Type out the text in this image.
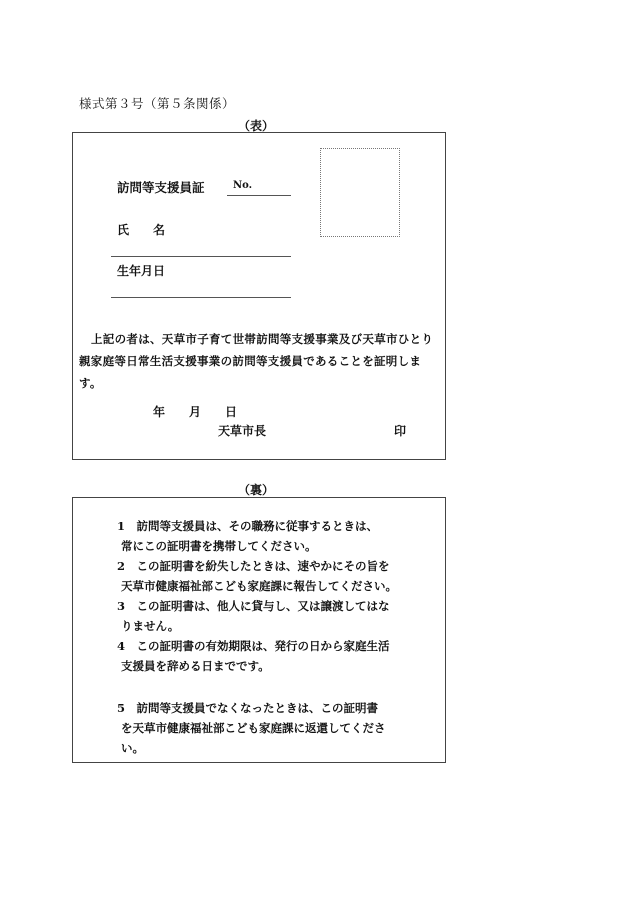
様式第３号（第５条関係）
（表）
訪問等支援員証	No.
氏　　名
生年月日
上記の者は、天草市子育て世帯訪問等支援事業及び天草市ひとり親家庭等日常生活支援事業の訪問等支援員であることを証明します。
年　　月　　日
天草市長	印
（裏）
1　 訪問等支援員は、その職務に従事するときは、
常にこの証明書を携帯してください。
2　 この証明書を紛失したときは、速やかにその旨を
天草市健康福祉部こども家庭課に報告してください。
3　 この証明書は、他人に貸与し、又は譲渡してはな
りません。
4　 この証明書の有効期限は、発行の日から家庭生活
支援員を辞める日までです。
5　 訪問等支援員でなくなったときは、この証明書
を天草市健康福祉部こども家庭課に返還してくださ
い。
